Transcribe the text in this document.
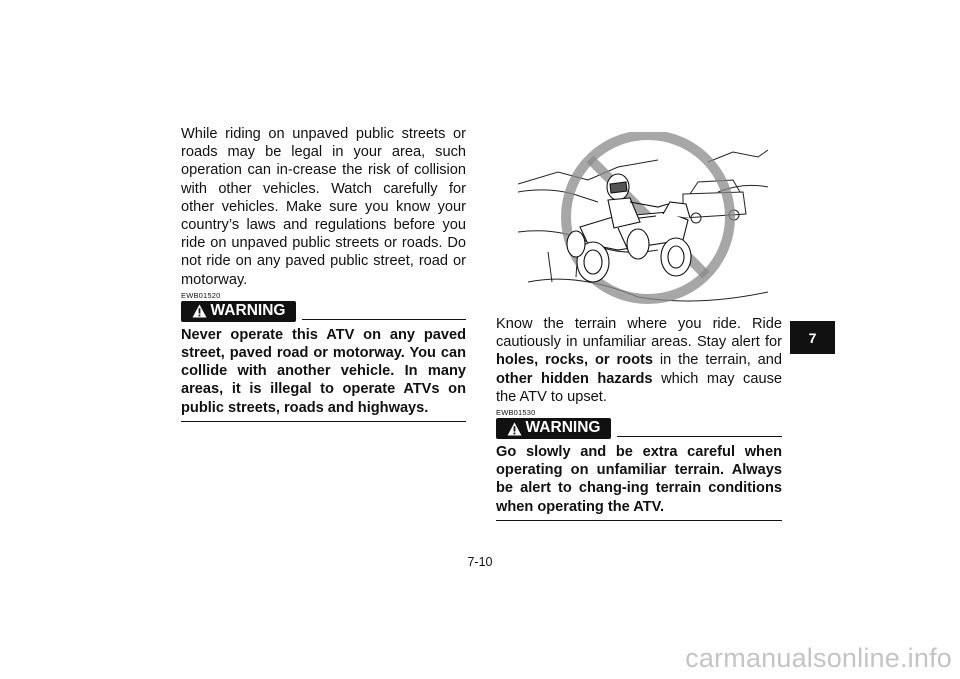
While riding on unpaved public streets or roads may be legal in your area, such operation can in-crease the risk of collision with other vehicles. Watch carefully for other vehicles. Make sure you know your country’s laws and regulations before you ride on unpaved public streets or roads. Do not ride on any paved public street, road or motorway.

EWB01520
WARNING
Never operate this ATV on any paved street, paved road or motorway. You can collide with another vehicle. In many areas, it is illegal to operate ATVs on public streets, roads and highways.

Know the terrain where you ride. Ride cautiously in unfamiliar areas. Stay alert for holes, rocks, or roots in the terrain, and other hidden hazards which may cause the ATV to upset.

EWB01530
WARNING
Go slowly and be extra careful when operating on unfamiliar terrain. Always be alert to chang-ing terrain conditions when operating the ATV.
7
7-10
carmanualsonline.info
